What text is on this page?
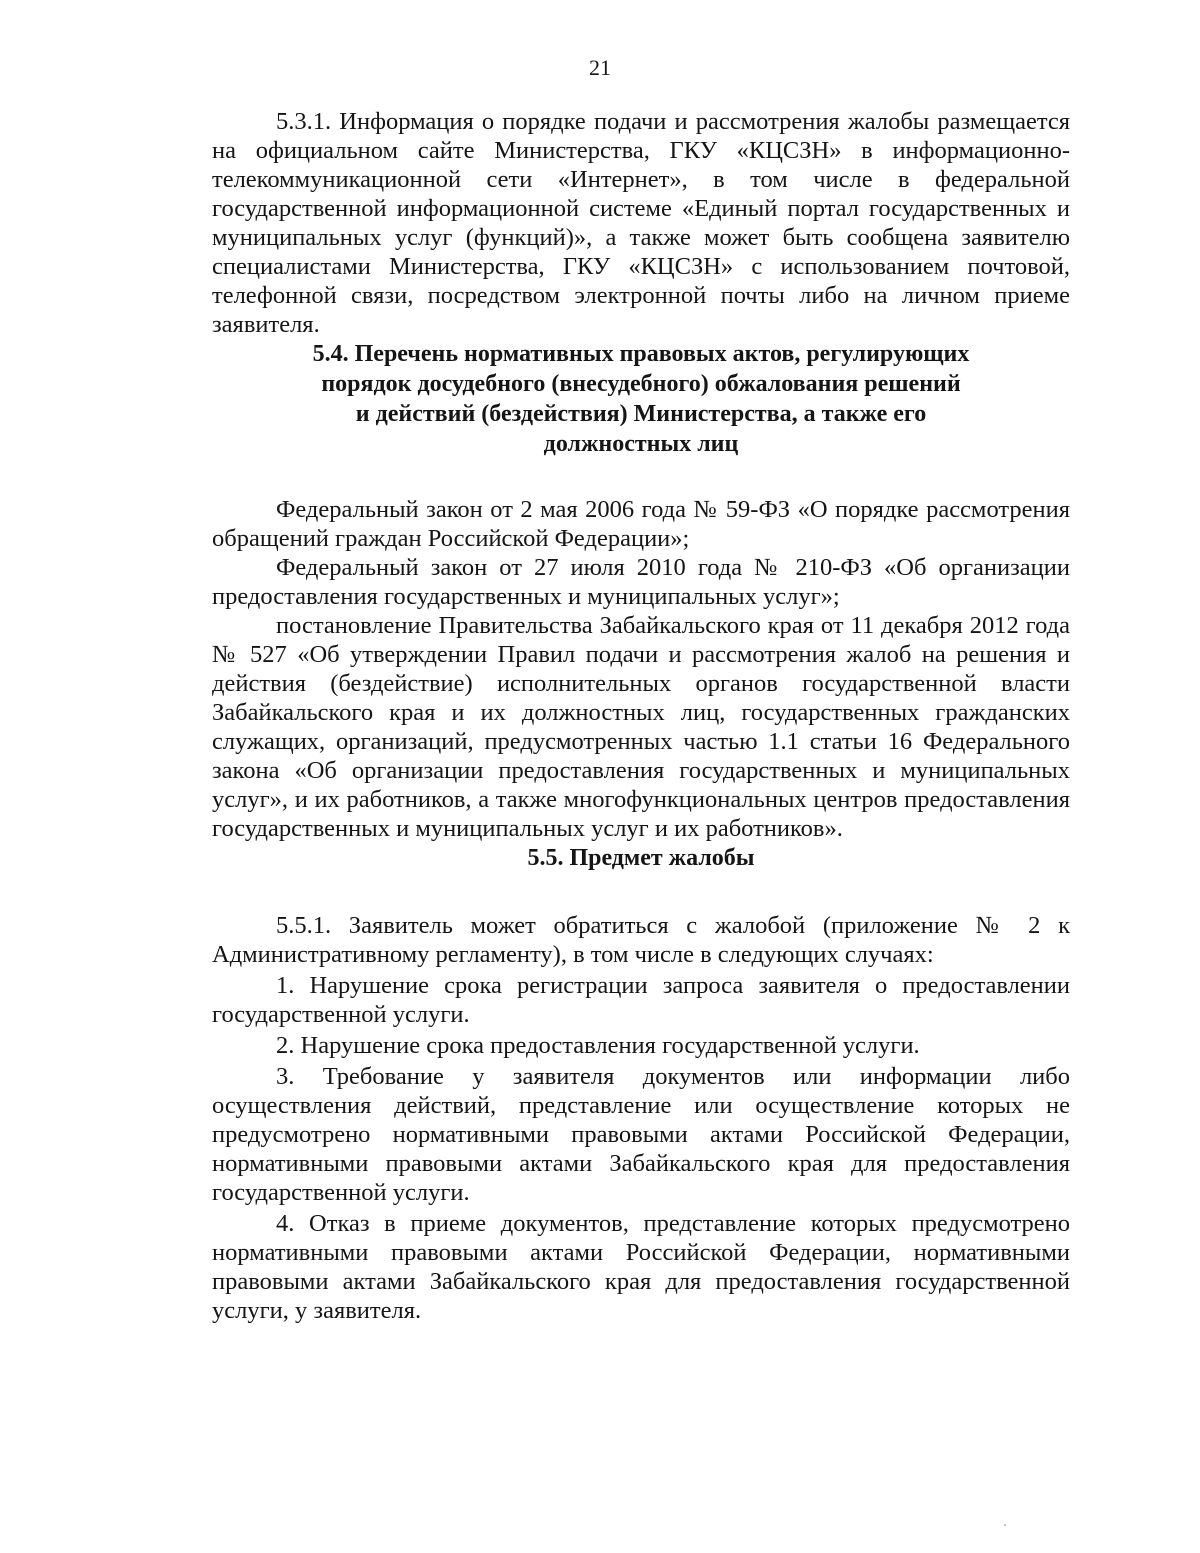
21

5.3.1. Информация о порядке подачи и рассмотрения жалобы размещается на официальном сайте Министерства, ГКУ «КЦСЗН» в информационно-телекоммуникационной сети «Интернет», в том числе в федеральной государственной информационной системе «Единый портал государственных и муниципальных услуг (функций)», а также может быть сообщена заявителю специалистами Министерства, ГКУ «КЦСЗН» с использованием почтовой, телефонной связи, посредством электронной почты либо на личном приеме заявителя.

5.4. Перечень нормативных правовых актов, регулирующих
порядок досудебного (внесудебного) обжалования решений
и действий (бездействия) Министерства, а также его
должностных лиц

Федеральный закон от 2 мая 2006 года № 59-ФЗ «О порядке рассмотрения обращений граждан Российской Федерации»;

Федеральный закон от 27 июля 2010 года № 210-ФЗ «Об организации предоставления государственных и муниципальных услуг»;

постановление Правительства Забайкальского края от 11 декабря 2012 года № 527 «Об утверждении Правил подачи и рассмотрения жалоб на решения и действия (бездействие) исполнительных органов государственной власти Забайкальского края и их должностных лиц, государственных гражданских служащих, организаций, предусмотренных частью 1.1 статьи 16 Федерального закона «Об организации предоставления государственных и муниципальных услуг», и их работников, а также многофункциональных центров предоставления государственных и муниципальных услуг и их работников».

5.5. Предмет жалобы

5.5.1. Заявитель может обратиться с жалобой (приложение № 2 к Административному регламенту), в том числе в следующих случаях:

1. Нарушение срока регистрации запроса заявителя о предоставлении государственной услуги.

2. Нарушение срока предоставления государственной услуги.

3. Требование у заявителя документов или информации либо осуществления действий, представление или осуществление которых не предусмотрено нормативными правовыми актами Российской Федерации, нормативными правовыми актами Забайкальского края для предоставления государственной услуги.

4. Отказ в приеме документов, представление которых предусмотрено нормативными правовыми актами Российской Федерации, нормативными правовыми актами Забайкальского края для предоставления государственной услуги, у заявителя.
